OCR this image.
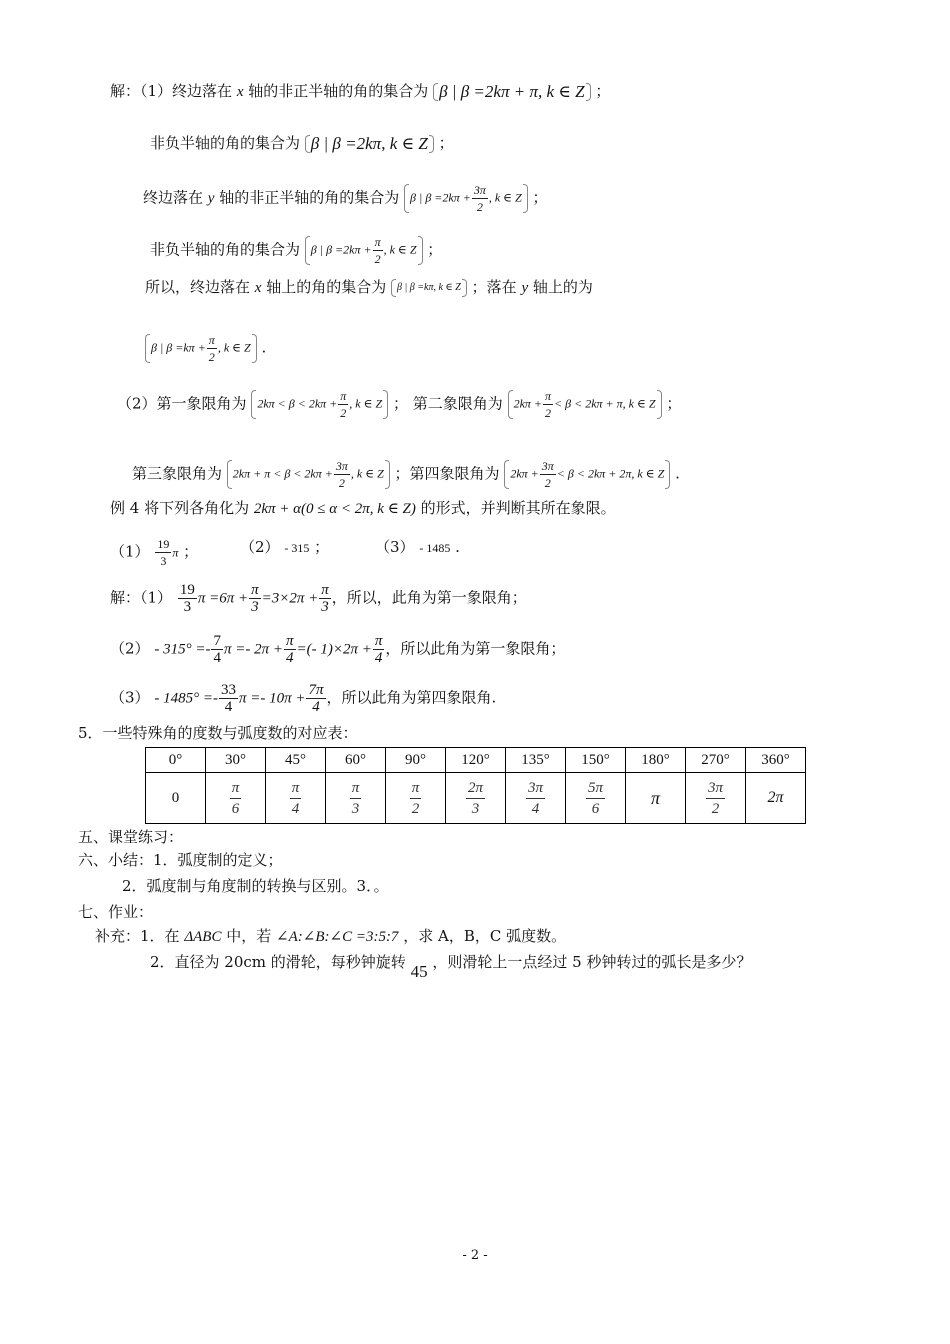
解：（1）终边落在 x 轴的非正半轴的角的集合为 β | β =2kπ + π, k ∈ Z ；
非负半轴的角的集合为 β | β =2kπ, k ∈ Z ；
终边落在 y 轴的非正半轴的角的集合为 β | $\beta =2k\pi + \frac{3\pi}{2}$ , k ∈ Z ；
非负半轴的角的集合为 β | $\beta =2k\pi + \frac{\pi}{2}$ , k ∈ Z ；
所以，终边落在 x 轴上的角的集合为 β | β =kπ, k ∈ Z ；落在 y 轴上的为
β | $\beta =k\pi + \frac{\pi}{2}$ , k ∈ Z .
（2）第一象限角为 $2k\pi < \beta < 2k\pi + \frac{\pi}{2}$ , k ∈ Z ； 第二象限角为 $2k\pi + \frac{\pi}{2} < \beta < 2k\pi + \pi$, k ∈ Z ；
第三象限角为 $2k\pi + \pi < \beta < 2k\pi + \frac{3\pi}{2}$ , k ∈ Z ；第四象限角为 $2k\pi + \frac{3\pi}{2} < \beta < 2k\pi + 2\pi$, k ∈ Z .
例 4 将下列各角化为 2kπ + α(0 ≤ α < 2π, k ∈ Z) 的形式，并判断其所在象限。
$(1) \frac{19}{3}$ π ；	（2） - 315 ；	（3） - 1485 .
解：$(1) \frac{19}{3}$ $\pi =6\pi + \frac{\pi}{3} =3\times 2\pi + \frac{\pi}{3}$ ，所以，此角为第一象限角；
$(2) - 315^\circ =- \frac{7}{4}$ $\pi =- 2\pi + \frac{\pi}{4}$ =(- $1)\times 2\pi + \frac{\pi}{4}$ ，所以此角为第一象限角；
$(3) - 1485^\circ =- \frac{33}{4}$ $\pi =- 10\pi + \frac{7\pi}{4}$ ，所以此角为第四象限角.
5．一些特殊角的度数与弧度数的对应表：
0°	30°	45°	60°	90°	120°	135°	150°	180°	270°	360°
0	$\frac{\pi}{6}$	$\frac{\pi}{4}$	$\frac{\pi}{3}$	$\frac{\pi}{2}$	$\frac{2\pi}{3}$	$\frac{3\pi}{4}$	$\frac{5\pi}{6}$	π	$\frac{3\pi}{2}$	2π
五、课堂练习：
六、小结：1．弧度制的定义；
2．弧度制与角度制的转换与区别。3．。
七、作业：
补充：1．在 ΔABC 中，若 ∠A:∠B:∠C =3:5:7 ，求 A，B，C 弧度数。
2．直径为 20cm 的滑轮，每秒钟旋转 45 ，则滑轮上一点经过 5 秒钟转过的弧长是多少？
- 2 -
